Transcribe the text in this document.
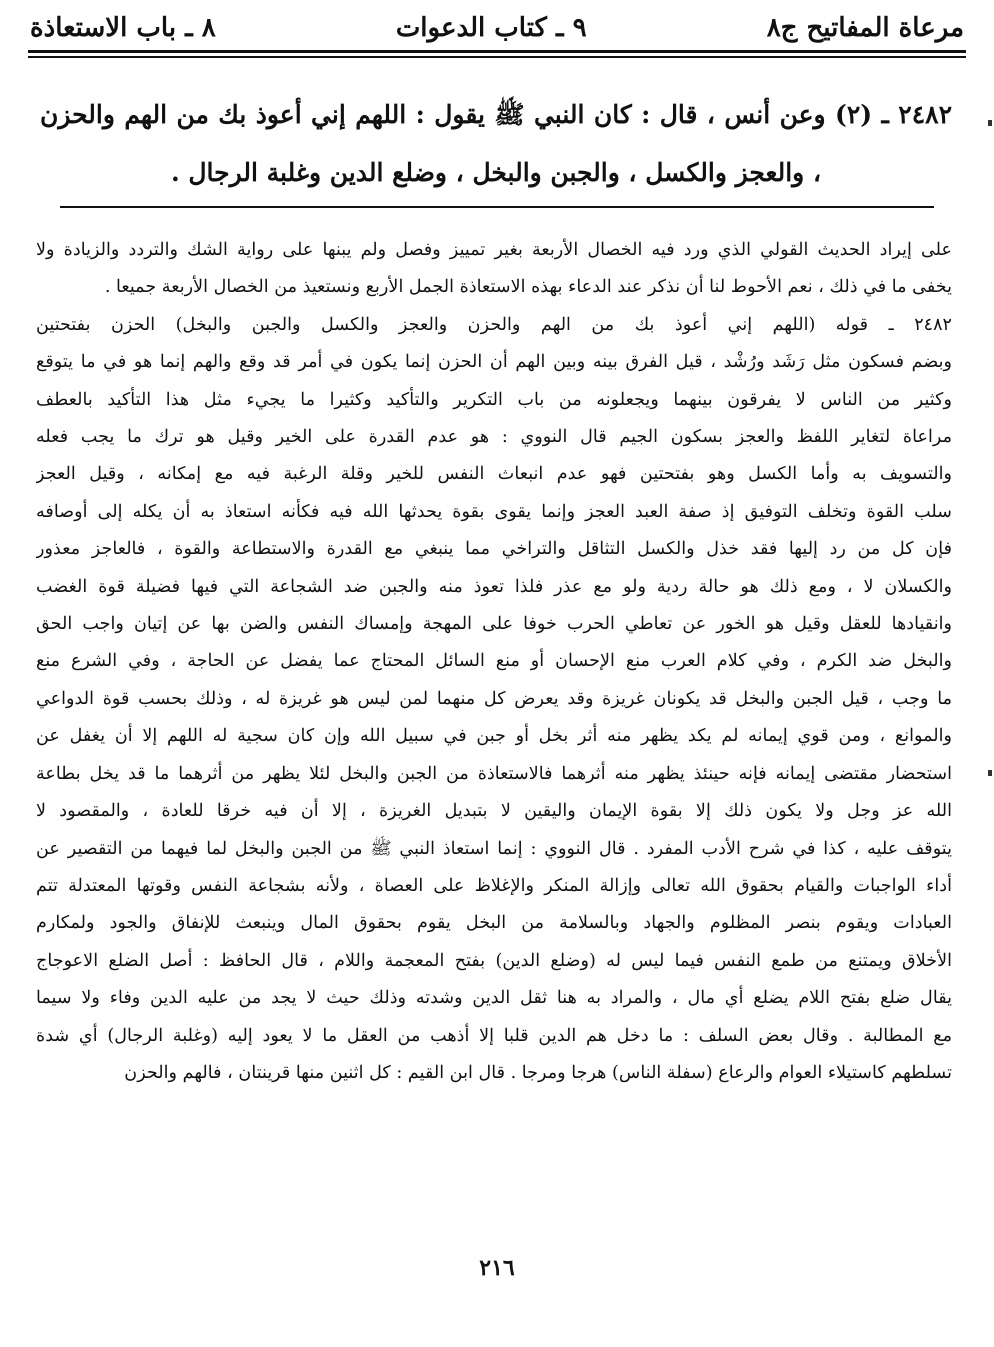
مرعاة المفاتيح ج٨
٩ ـ كتاب الدعوات
٨ ـ باب الاستعاذة
٢٤٨٢ ـ (٢) وعن أنس ، قال : كان النبي ﷺ يقول : اللهم إني أعوذ بك من الهم والحزن ، والعجز والكسل ، والجبن والبخل ، وضلع الدين وغلبة الرجال .
على إيراد الحديث القولي الذي ورد فيه الخصال الأربعة بغير تمييز وفصل ولم يبنها على رواية الشك والتردد والزيادة ولا
يخفى ما في ذلك ، نعم الأحوط لنا أن نذكر عند الدعاء بهذه الاستعاذة الجمل الأربع ونستعيذ من الخصال الأربعة جميعا .
٢٤٨٢ ـ قوله (اللهم إني أعوذ بك من الهم والحزن والعجز والكسل والجبن والبخل) الحزن بفتحتين
وبضم فسكون مثل رَشَد ورُشْد ، قيل الفرق بينه وبين الهم أن الحزن إنما يكون في أمر قد وقع والهم إنما هو في ما يتوقع
وكثير من الناس لا يفرقون بينهما ويجعلونه من باب التكرير والتأكيد وكثيرا ما يجيء مثل هذا التأكيد بالعطف
مراعاة لتغاير اللفظ والعجز بسكون الجيم قال النووي : هو عدم القدرة على الخير وقيل هو ترك ما يجب فعله
والتسويف به وأما الكسل وهو بفتحتين فهو عدم انبعاث النفس للخير وقلة الرغبة فيه مع إمكانه ، وقيل العجز
سلب القوة وتخلف التوفيق إذ صفة العبد العجز وإنما يقوى بقوة يحدثها الله فيه فكأنه استعاذ به أن يكله إلى أوصافه
فإن كل من رد إليها فقد خذل والكسل التثاقل والتراخي مما ينبغي مع القدرة والاستطاعة والقوة ، فالعاجز معذور
والكسلان لا ، ومع ذلك هو حالة ردية ولو مع عذر فلذا تعوذ منه والجبن ضد الشجاعة التي فيها فضيلة قوة الغضب
وانقيادها للعقل وقيل هو الخور عن تعاطي الحرب خوفا على المهجة وإمساك النفس والضن بها عن إتيان واجب الحق
والبخل ضد الكرم ، وفي كلام العرب منع الإحسان أو منع السائل المحتاج عما يفضل عن الحاجة ، وفي الشرع منع
ما وجب ، قيل الجبن والبخل قد يكونان غريزة وقد يعرض كل منهما لمن ليس هو غريزة له ، وذلك بحسب قوة الدواعي
والموانع ، ومن قوي إيمانه لم يكد يظهر منه أثر بخل أو جبن في سبيل الله وإن كان سجية له اللهم إلا أن يغفل عن
استحضار مقتضى إيمانه فإنه حينئذ يظهر منه أثرهما فالاستعاذة من الجبن والبخل لئلا يظهر من أثرهما ما قد يخل بطاعة
الله عز وجل ولا يكون ذلك إلا بقوة الإيمان واليقين لا بتبديل الغريزة ، إلا أن فيه خرقا للعادة ، والمقصود لا
يتوقف عليه ، كذا في شرح الأدب المفرد . قال النووي : إنما استعاذ النبي ﷺ من الجبن والبخل لما فيهما من التقصير عن
أداء الواجبات والقيام بحقوق الله تعالى وإزالة المنكر والإغلاظ على العصاة ، ولأنه بشجاعة النفس وقوتها المعتدلة تتم
العبادات ويقوم بنصر المظلوم والجهاد وبالسلامة من البخل يقوم بحقوق المال وينبعث للإنفاق والجود ولمكارم
الأخلاق ويمتنع من طمع النفس فيما ليس له (وضلع الدين) بفتح المعجمة واللام ، قال الحافظ : أصل الضلع الاعوجاج
يقال ضلع بفتح اللام يضلع أي مال ، والمراد به هنا ثقل الدين وشدته وذلك حيث لا يجد من عليه الدين وفاء ولا سيما
مع المطالبة . وقال بعض السلف : ما دخل هم الدين قلبا إلا أذهب من العقل ما لا يعود إليه (وغلبة الرجال) أي شدة
تسلطهم كاستيلاء العوام والرعاع (سفلة الناس) هرجا ومرجا . قال ابن القيم : كل اثنين منها قرينتان ، فالهم والحزن
٢١٦
